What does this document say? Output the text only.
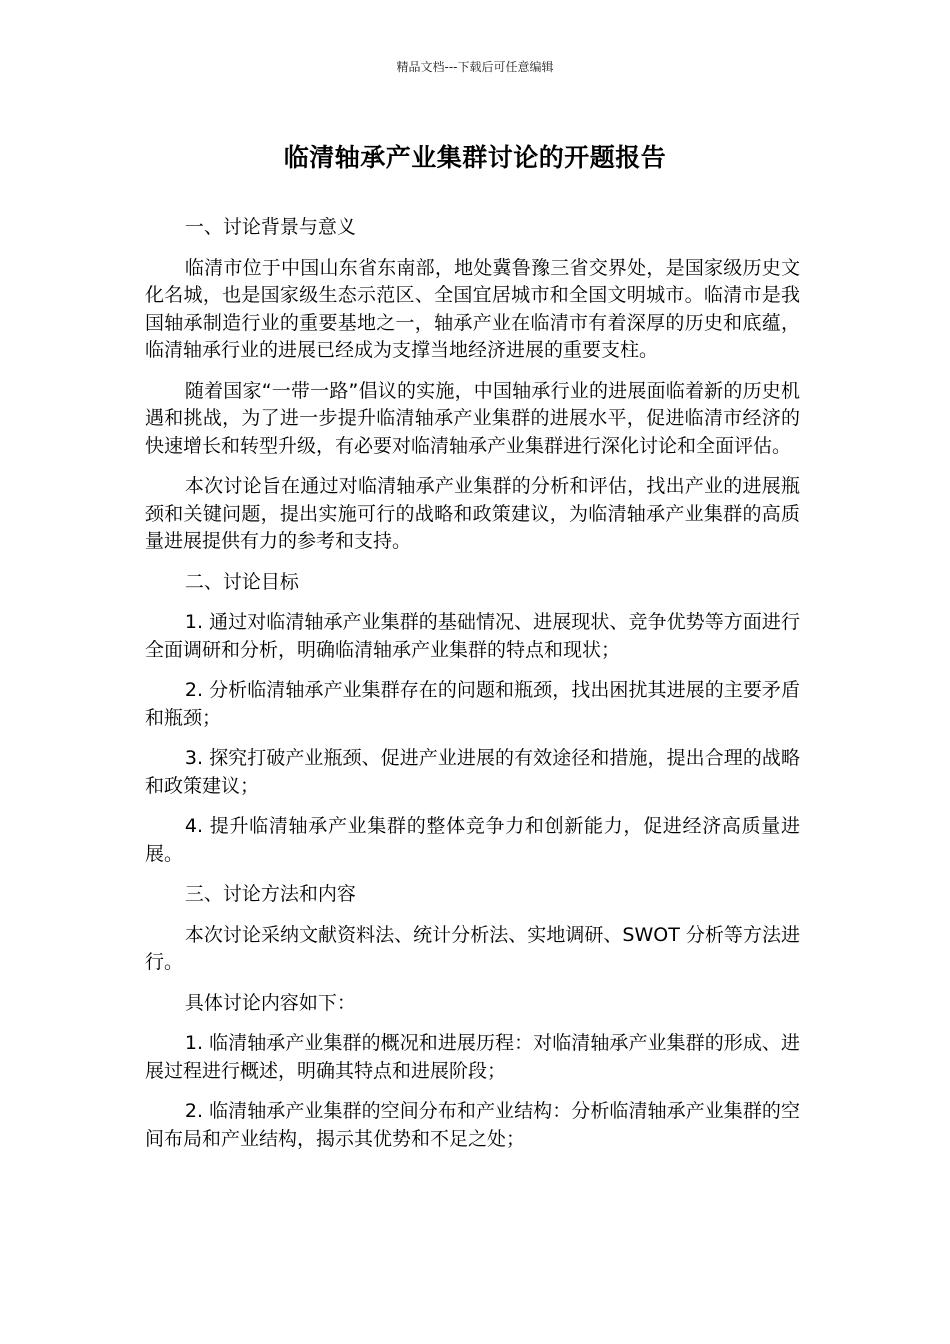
精品文档---下载后可任意编辑
临清轴承产业集群讨论的开题报告

一、讨论背景与意义

临清市位于中国山东省东南部，地处冀鲁豫三省交界处，是国家级历史文化名城，也是国家级生态示范区、全国宜居城市和全国文明城市。临清市是我国轴承制造行业的重要基地之一，轴承产业在临清市有着深厚的历史和底蕴，临清轴承行业的进展已经成为支撑当地经济进展的重要支柱。

随着国家“一带一路”倡议的实施，中国轴承行业的进展面临着新的历史机遇和挑战，为了进一步提升临清轴承产业集群的进展水平，促进临清市经济的快速增长和转型升级，有必要对临清轴承产业集群进行深化讨论和全面评估。

本次讨论旨在通过对临清轴承产业集群的分析和评估，找出产业的进展瓶颈和关键问题，提出实施可行的战略和政策建议，为临清轴承产业集群的高质量进展提供有力的参考和支持。

二、讨论目标

1. 通过对临清轴承产业集群的基础情况、进展现状、竞争优势等方面进行全面调研和分析，明确临清轴承产业集群的特点和现状；

2. 分析临清轴承产业集群存在的问题和瓶颈，找出困扰其进展的主要矛盾和瓶颈；

3. 探究打破产业瓶颈、促进产业进展的有效途径和措施，提出合理的战略和政策建议；

4. 提升临清轴承产业集群的整体竞争力和创新能力，促进经济高质量进展。

三、讨论方法和内容

本次讨论采纳文献资料法、统计分析法、实地调研、SWOT 分析等方法进行。

具体讨论内容如下：

1. 临清轴承产业集群的概况和进展历程：对临清轴承产业集群的形成、进展过程进行概述，明确其特点和进展阶段；

2. 临清轴承产业集群的空间分布和产业结构：分析临清轴承产业集群的空间布局和产业结构，揭示其优势和不足之处；
